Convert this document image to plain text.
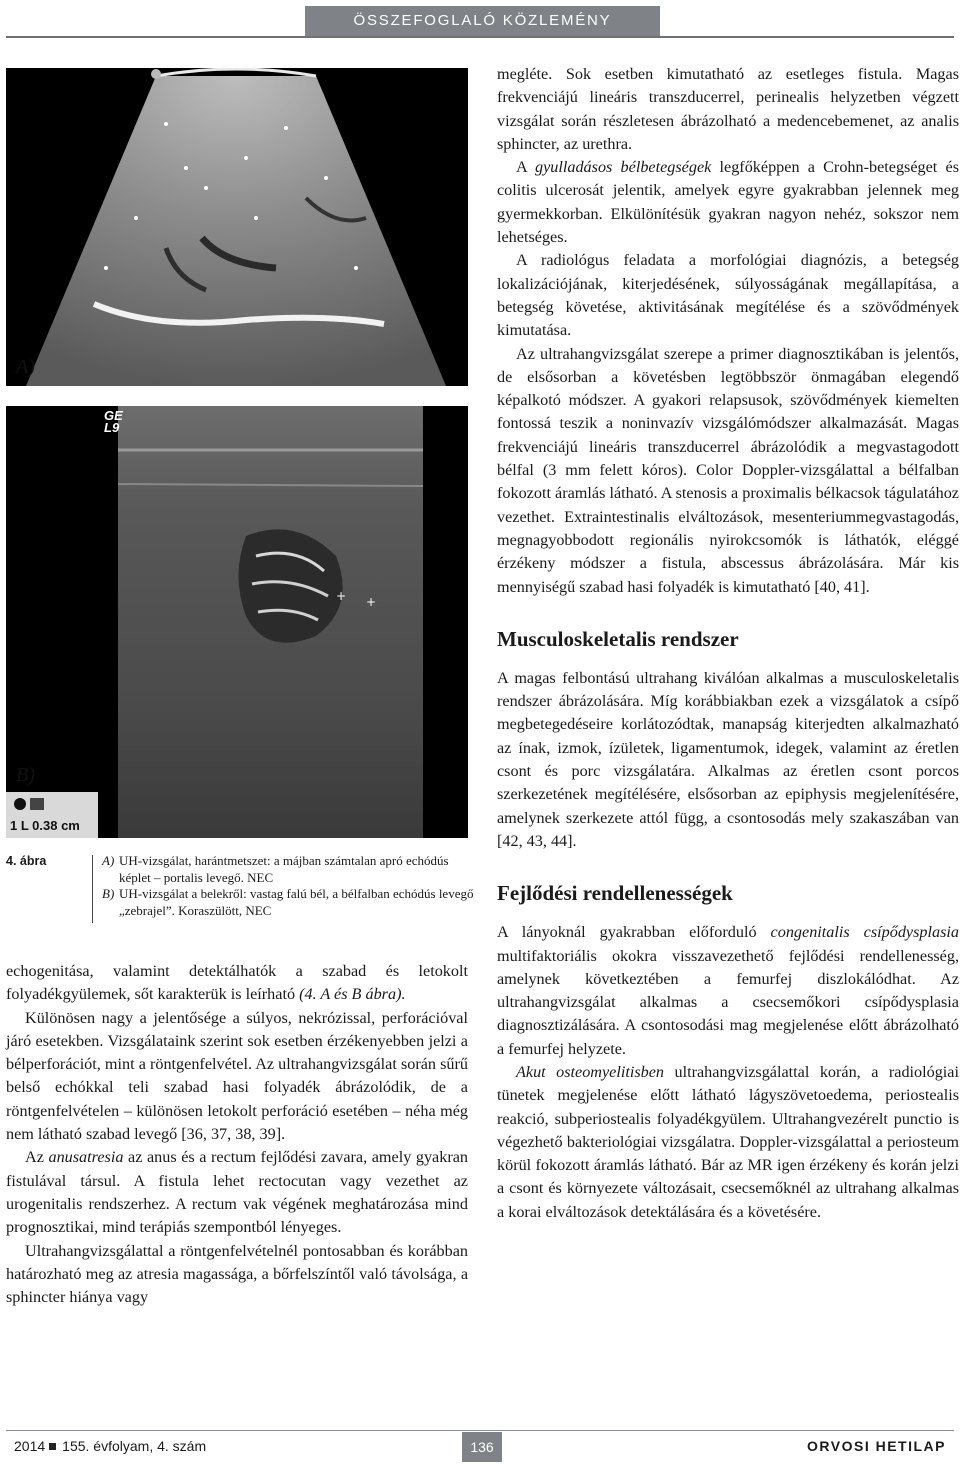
ÖSSZEFOGLALÓ KÖZLEMÉNY
A)
+ +
GE
L9
1 L 0.38 cm
B)
4. ábra	A) UH-vizsgálat, harántmetszet: a májban számtalan apró echódús képlet – portalis levegő. NEC
B) UH-vizsgálat a belekről: vastag falú bél, a bélfalban echódús levegő „zebrajel”. Koraszülött, NEC

echogenitása, valamint detektálhatók a szabad és letokolt folyadékgyülemek, sőt karakterük is leírható (4. A és B ábra).

Különösen nagy a jelentősége a súlyos, nekrózissal, perforációval járó esetekben. Vizsgálataink szerint sok esetben érzékenyebben jelzi a bélperforációt, mint a röntgenfelvétel. Az ultrahangvizsgálat során sűrű belső echókkal teli szabad hasi folyadék ábrázolódik, de a röntgenfelvételen – különösen letokolt perforáció esetében – néha még nem látható szabad levegő [36, 37, 38, 39].

Az anusatresia az anus és a rectum fejlődési zavara, amely gyakran fistulával társul. A fistula lehet rectocutan vagy vezethet az urogenitalis rendszerhez. A rectum vak végének meghatározása mind prognosztikai, mind terápiás szempontból lényeges.

Ultrahangvizsgálattal a röntgenfelvételnél pontosabban és korábban határozható meg az atresia magassága, a bőrfelszíntől való távolsága, a sphincter hiánya vagy

megléte. Sok esetben kimutatható az esetleges fistula. Magas frekvenciájú lineáris transzducerrel, perinealis helyzetben végzett vizsgálat során részletesen ábrázolható a medencebemenet, az analis sphincter, az urethra.

A gyulladásos bélbetegségek legfőképpen a Crohn-betegséget és colitis ulcerosát jelentik, amelyek egyre gyakrabban jelennek meg gyermekkorban. Elkülönítésük gyakran nagyon nehéz, sokszor nem lehetséges.

A radiológus feladata a morfológiai diagnózis, a betegség lokalizációjának, kiterjedésének, súlyosságának megállapítása, a betegség követése, aktivitásának megítélése és a szövődmények kimutatása.

Az ultrahangvizsgálat szerepe a primer diagnosztikában is jelentős, de elsősorban a követésben legtöbbször önmagában elegendő képalkotó módszer. A gyakori relapsusok, szövődmények kiemelten fontossá teszik a noninvazív vizsgálómódszer alkalmazását. Magas frekvenciájú lineáris transzducerrel ábrázolódik a megvastagodott bélfal (3 mm felett kóros). Color Doppler-vizsgálattal a bélfalban fokozott áramlás látható. A stenosis a proximalis bélkacsok tágulatához vezethet. Extraintestinalis elváltozások, mesenteriummegvastagodás, megnagyobbodott regionális nyirokcsomók is láthatók, eléggé érzékeny módszer a fistula, abscessus ábrázolására. Már kis mennyiségű szabad hasi folyadék is kimutatható [40, 41].

Musculoskeletalis rendszer

A magas felbontású ultrahang kiválóan alkalmas a musculoskeletalis rendszer ábrázolására. Míg korábbiakban ezek a vizsgálatok a csípő megbetegedéseire korlátozódtak, manapság kiterjedten alkalmazható az ínak, izmok, ízületek, ligamentumok, idegek, valamint az éretlen csont és porc vizsgálatára. Alkalmas az éretlen csont porcos szerkezetének megítélésére, elsősorban az epiphysis megjelenítésére, amelynek szerkezete attól függ, a csontosodás mely szakaszában van [42, 43, 44].

Fejlődési rendellenességek

A lányoknál gyakrabban előforduló congenitalis csípődysplasia multifaktoriális okokra visszavezethető fejlődési rendellenesség, amelynek következtében a femurfej diszlokálódhat. Az ultrahangvizsgálat alkalmas a csecsemőkori csípődysplasia diagnosztizálására. A csontosodási mag megjelenése előtt ábrázolható a femurfej helyzete.

Akut osteomyelitisben ultrahangvizsgálattal korán, a radiológiai tünetek megjelenése előtt látható lágyszövetoedema, periostealis reakció, subperiostealis folyadékgyülem. Ultrahangvezérelt punctio is végezhető bakteriológiai vizsgálatra. Doppler-vizsgálattal a periosteum körül fokozott áramlás látható. Bár az MR igen érzékeny és korán jelzi a csont és környezete változásait, csecsemőknél az ultrahang alkalmas a korai elváltozások detektálására és a követésére.

2014 155. évfolyam, 4. szám	136	ORVOSI HETILAP
